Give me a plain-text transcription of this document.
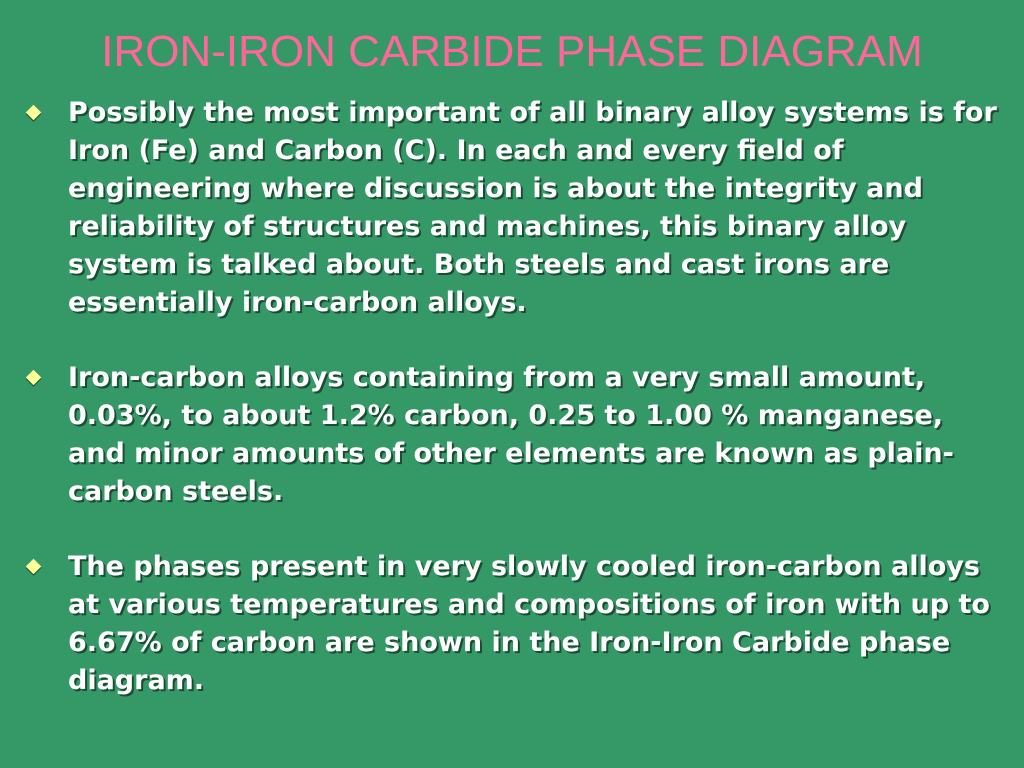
IRON-IRON CARBIDE PHASE DIAGRAM
Possibly the most important of all binary alloy systems is for Iron (Fe) and Carbon (C). In each and every field of engineering where discussion is about the integrity and reliability of structures and machines, this binary alloy system is talked about. Both steels and cast irons are essentially iron-carbon alloys.
Iron-carbon alloys containing from a very small amount, 0.03%, to about 1.2% carbon, 0.25 to 1.00 % manganese, and minor amounts of other elements are known as plain-carbon steels.
The phases present in very slowly cooled iron-carbon alloys at various temperatures and compositions of iron with up to 6.67% of carbon are shown in the Iron-Iron Carbide phase diagram.
